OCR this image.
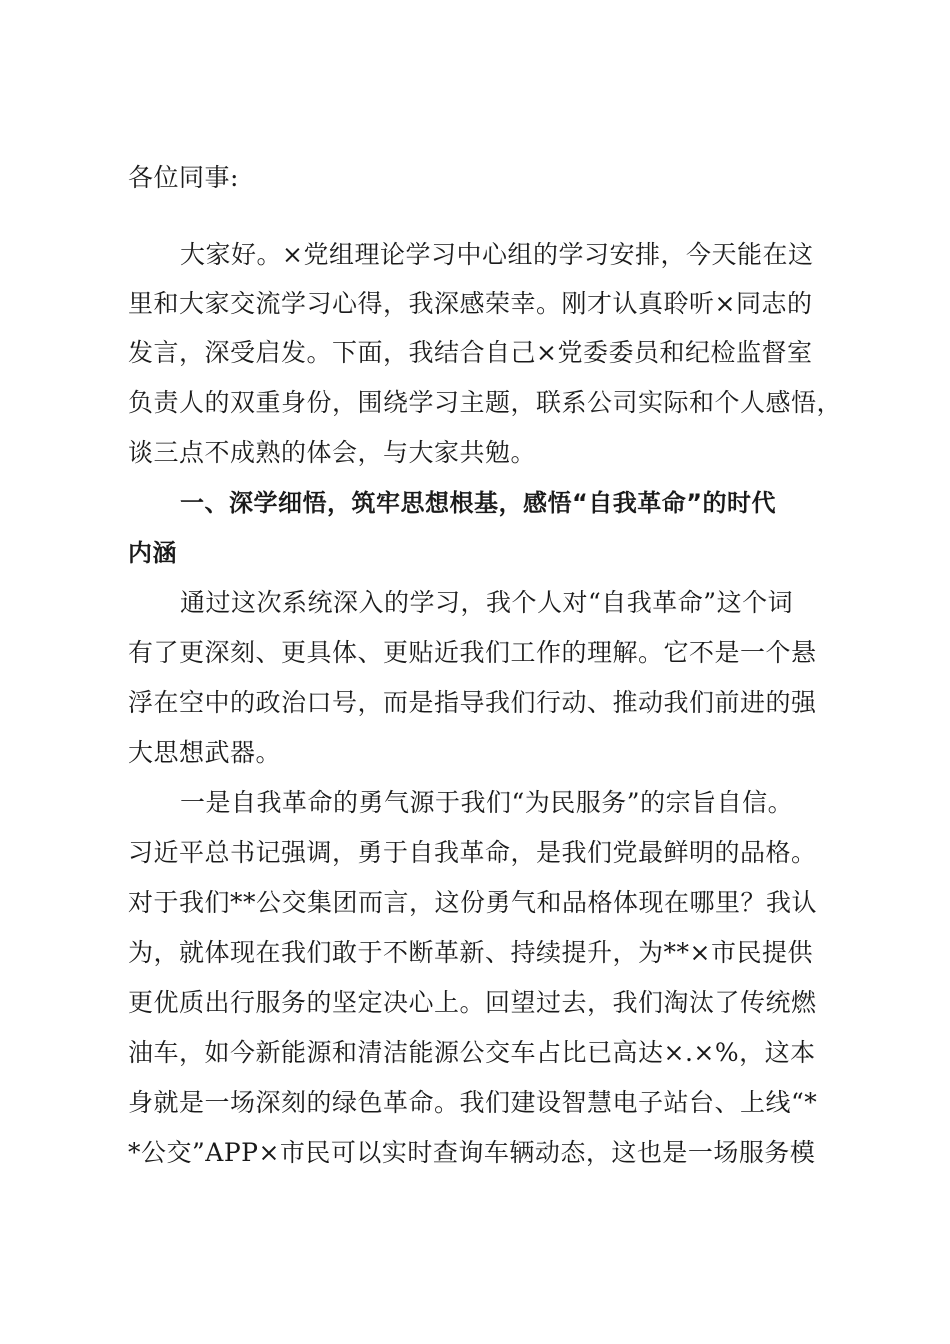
各位同事:
大家好。×党组理论学习中心组的学习安排，今天能在这
里和大家交流学习心得，我深感荣幸。刚才认真聆听×同志的
发言，深受启发。下面，我结合自己×党委委员和纪检监督室
负责人的双重身份，围绕学习主题，联系公司实际和个人感悟，
谈三点不成熟的体会，与大家共勉。
一、深学细悟，筑牢思想根基，感悟“自我革命”的时代
内涵
通过这次系统深入的学习，我个人对“自我革命”这个词
有了更深刻、更具体、更贴近我们工作的理解。它不是一个悬
浮在空中的政治口号，而是指导我们行动、推动我们前进的强
大思想武器。
一是自我革命的勇气源于我们“为民服务”的宗旨自信。
习近平总书记强调，勇于自我革命，是我们党最鲜明的品格。
对于我们**公交集团而言，这份勇气和品格体现在哪里？我认
为，就体现在我们敢于不断革新、持续提升，为**×市民提供
更优质出行服务的坚定决心上。回望过去，我们淘汰了传统燃
油车，如今新能源和清洁能源公交车占比已高达×.×%，这本
身就是一场深刻的绿色革命。我们建设智慧电子站台、上线“*
*公交”APP×市民可以实时查询车辆动态，这也是一场服务模
